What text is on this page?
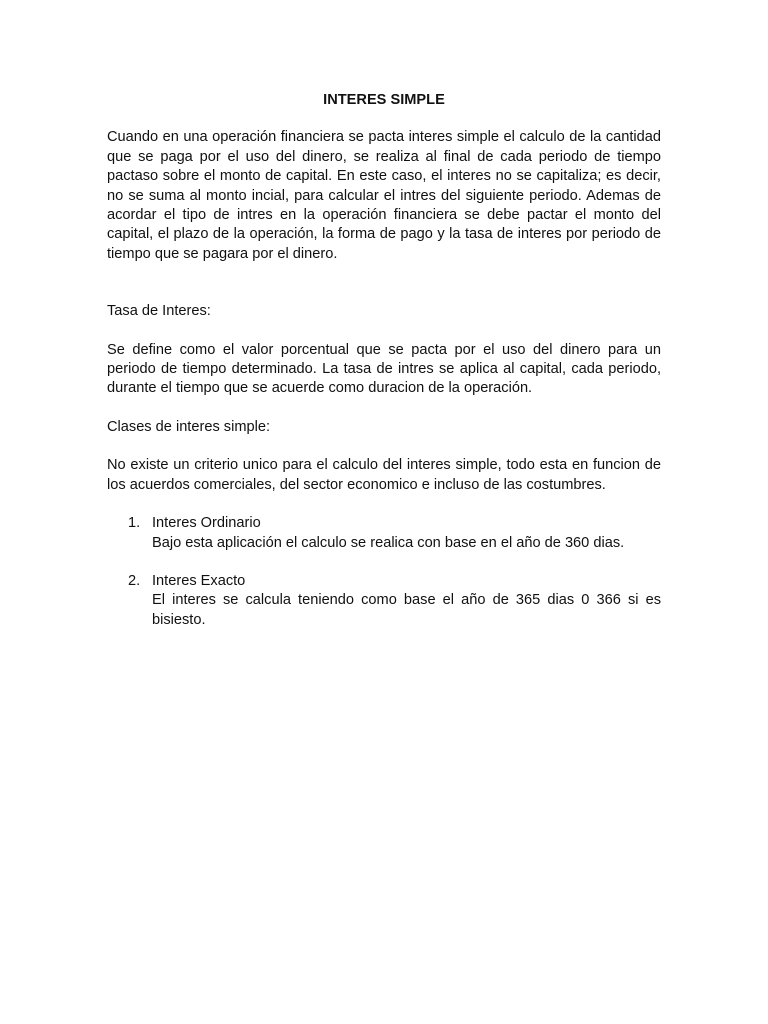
INTERES SIMPLE

Cuando en una operación financiera se pacta interes simple el calculo de la cantidad que se paga por el uso del dinero, se realiza al final de cada periodo de tiempo pactaso sobre el monto de capital. En este caso, el interes no se capitaliza; es decir, no se suma al monto incial, para calcular el intres del siguiente periodo. Ademas de acordar el tipo de intres en la operación financiera se debe pactar el monto del capital, el plazo de la operación, la forma de pago y la tasa de interes por periodo de tiempo que se pagara por el dinero.

Tasa de Interes:

Se define como el valor porcentual que se pacta por el uso del dinero para un periodo de tiempo determinado. La tasa de intres se aplica al capital, cada periodo, durante el tiempo que se acuerde como duracion de la operación.

Clases de interes simple:

No existe un criterio unico para el calculo del interes simple, todo esta en funcion de los acuerdos comerciales, del sector economico e incluso de las costumbres.

1. Interes Ordinario
Bajo esta aplicación el calculo se realica con base en el año de 360 dias.
2. Interes Exacto
El interes se calcula teniendo como base el año de 365 dias 0 366 si es bisiesto.
